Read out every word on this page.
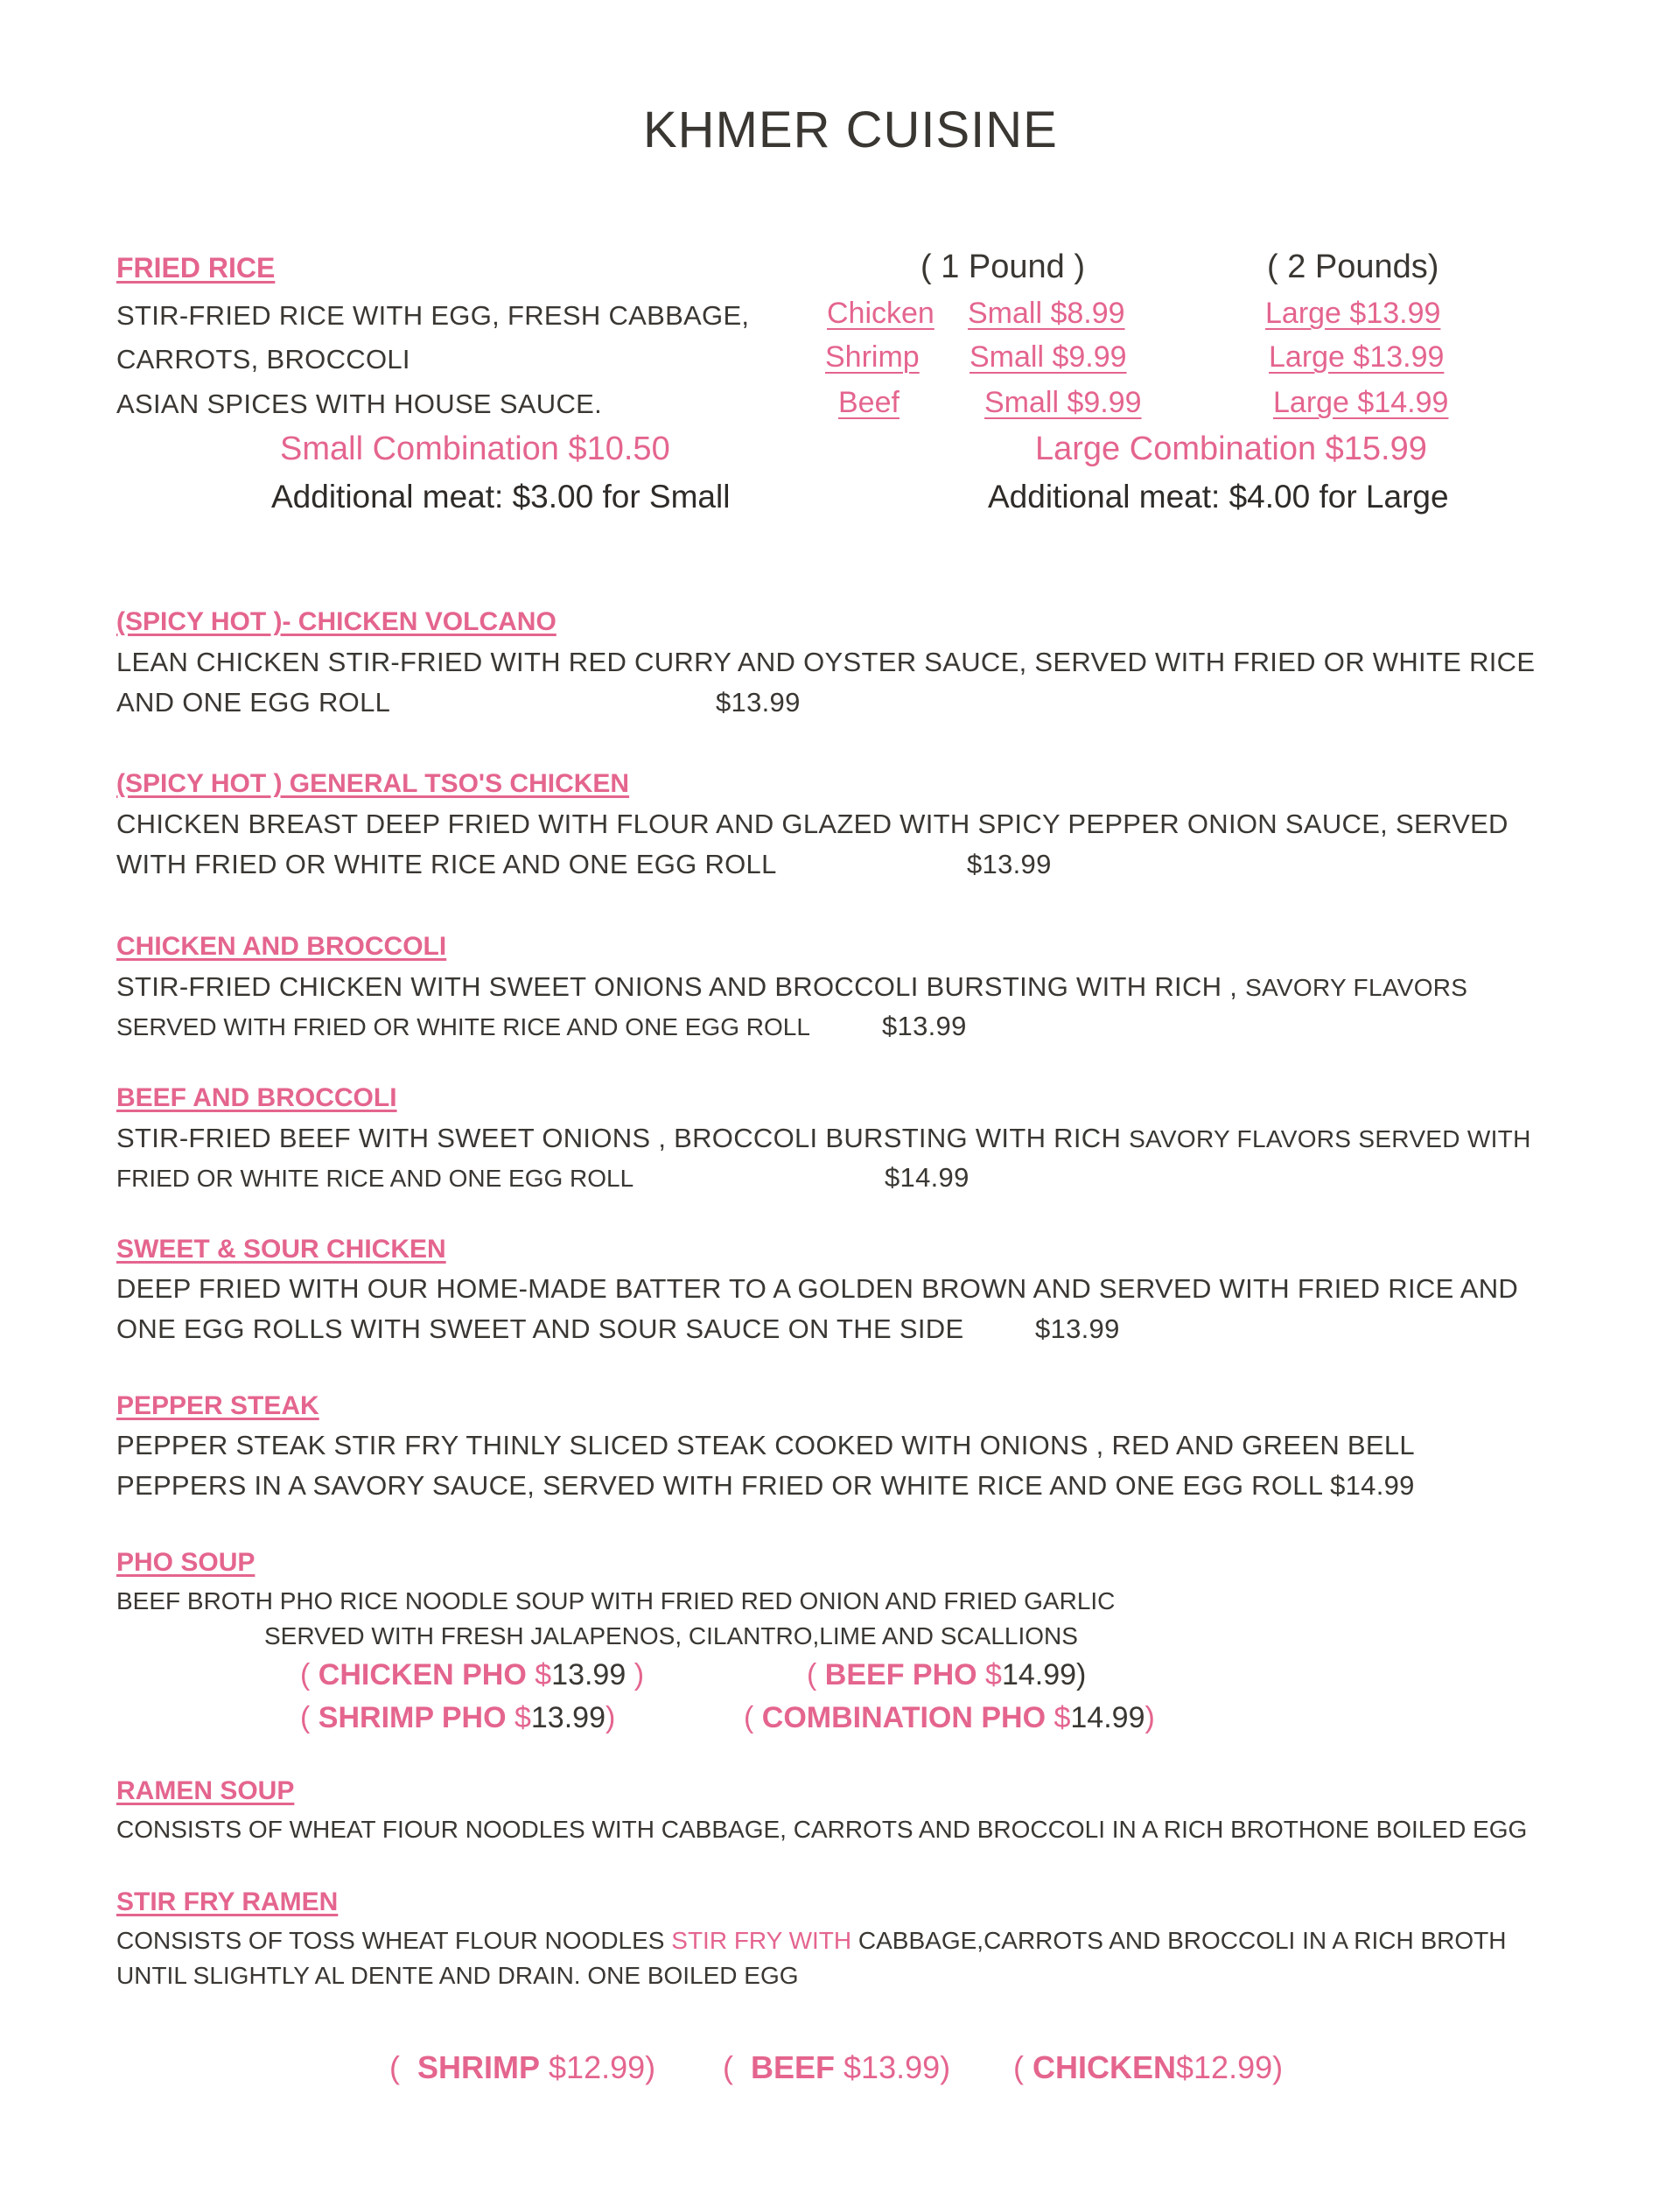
KHMER CUISINE
FRIED RICE
STIR-FRIED RICE WITH EGG, FRESH CABBAGE,
CARROTS, BROCCOLI
ASIAN SPICES WITH HOUSE SAUCE.
( 1 Pound )	( 2 Pounds)
Chicken Small $8.99	Large $13.99
Shrimp Small $9.99	Large $13.99
Beef	Small $9.99	Large $14.99
Small Combination $10.50	Large Combination $15.99
Additional meat: $3.00 for Small	Additional meat: $4.00 for Large
(SPICY HOT )- CHICKEN VOLCANO
LEAN CHICKEN STIR-FRIED WITH RED CURRY AND OYSTER SAUCE, SERVED WITH FRIED OR WHITE RICE
AND ONE EGG ROLL	$13.99
(SPICY HOT ) GENERAL TSO'S CHICKEN
CHICKEN BREAST DEEP FRIED WITH FLOUR AND GLAZED WITH SPICY PEPPER ONION SAUCE, SERVED
WITH FRIED OR WHITE RICE AND ONE EGG ROLL	$13.99
CHICKEN AND BROCCOLI
STIR-FRIED CHICKEN WITH SWEET ONIONS AND BROCCOLI BURSTING WITH RICH , SAVORY FLAVORS
SERVED WITH FRIED OR WHITE RICE AND ONE EGG ROLL	$13.99
BEEF AND BROCCOLI
STIR-FRIED BEEF WITH SWEET ONIONS , BROCCOLI BURSTING WITH RICH SAVORY FLAVORS SERVED WITH
FRIED OR WHITE RICE AND ONE EGG ROLL	$14.99
SWEET & SOUR CHICKEN
DEEP FRIED WITH OUR HOME-MADE BATTER TO A GOLDEN BROWN AND SERVED WITH FRIED RICE AND
ONE EGG ROLLS WITH SWEET AND SOUR SAUCE ON THE SIDE	$13.99
PEPPER STEAK
PEPPER STEAK STIR FRY THINLY SLICED STEAK COOKED WITH ONIONS , RED AND GREEN BELL
PEPPERS IN A SAVORY SAUCE, SERVED WITH FRIED OR WHITE RICE AND ONE EGG ROLL $14.99
PHO SOUP
BEEF BROTH PHO RICE NOODLE SOUP WITH FRIED RED ONION AND FRIED GARLIC
SERVED WITH FRESH JALAPENOS, CILANTRO,LIME AND SCALLIONS
( CHICKEN PHO $13.99 )	( BEEF PHO $14.99)
( SHRIMP PHO $13.99)	( COMBINATION PHO $14.99)
RAMEN SOUP
CONSISTS OF WHEAT FIOUR NOODLES WITH CABBAGE, CARROTS AND BROCCOLI IN A RICH BROTHONE BOILED EGG
STIR FRY RAMEN
CONSISTS OF TOSS WHEAT FLOUR NOODLES STIR FRY WITH CABBAGE,CARROTS AND BROCCOLI IN A RICH BROTH
UNTIL SLIGHTLY AL DENTE AND DRAIN. ONE BOILED EGG
(  SHRIMP $12.99) (  BEEF $13.99) ( CHICKEN$12.99)
